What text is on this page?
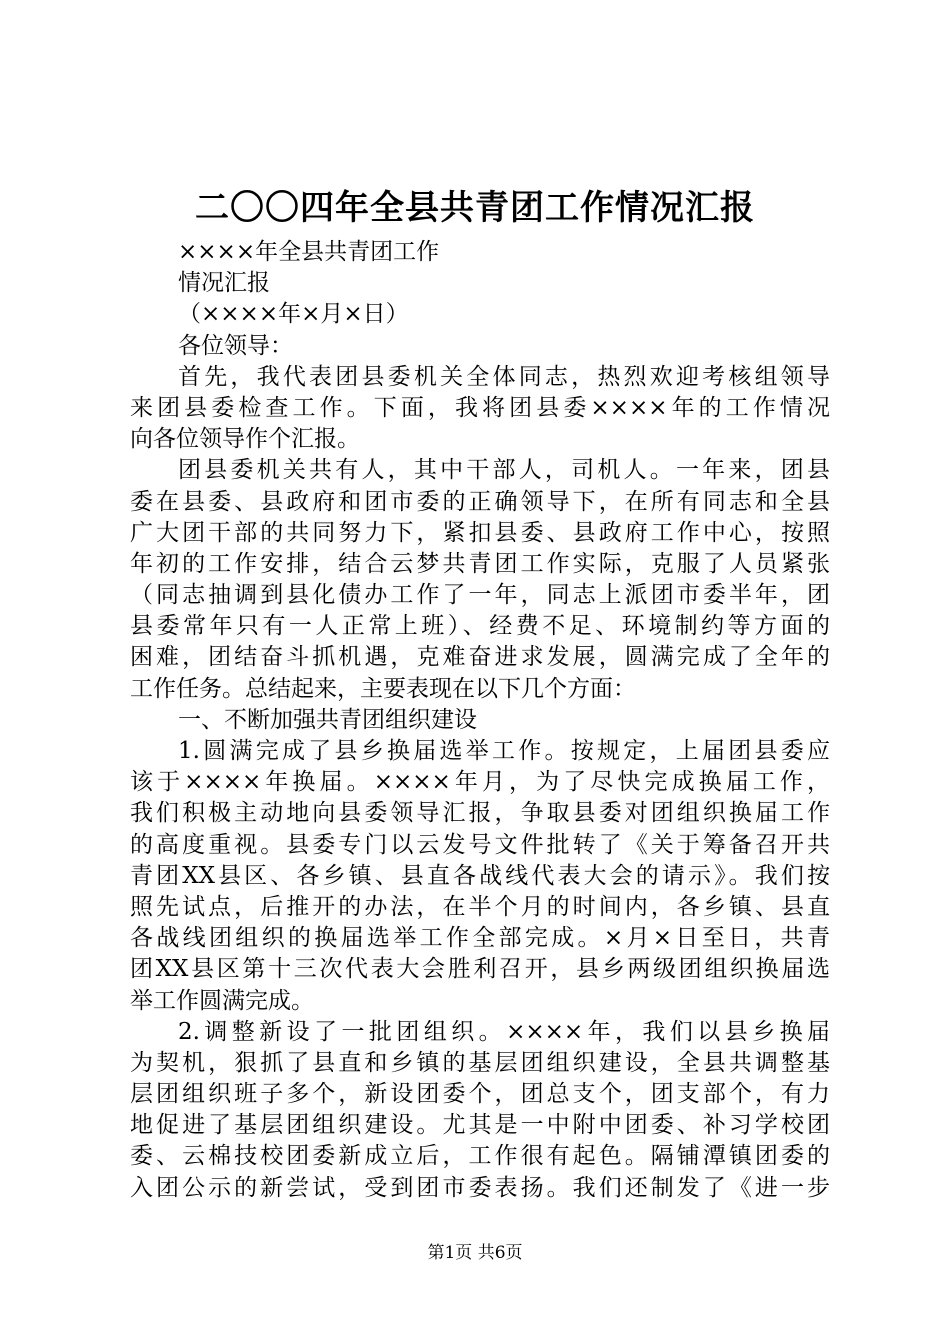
二〇〇四年全县共青团工作情况汇报
××××年全县共青团工作
情况汇报
（××××年×月×日）
各位领导：
首先，我代表团县委机关全体同志，热烈欢迎考核组领导
来团县委检查工作。下面，我将团县委××××年的工作情况
向各位领导作个汇报。
团县委机关共有人，其中干部人，司机人。一年来，团县
委在县委、县政府和团市委的正确领导下，在所有同志和全县
广大团干部的共同努力下，紧扣县委、县政府工作中心，按照
年初的工作安排，结合云梦共青团工作实际，克服了人员紧张
（同志抽调到县化债办工作了一年，同志上派团市委半年，团
县委常年只有一人正常上班）、经费不足、环境制约等方面的
困难，团结奋斗抓机遇，克难奋进求发展，圆满完成了全年的
工作任务。总结起来，主要表现在以下几个方面：
一、不断加强共青团组织建设
1.圆满完成了县乡换届选举工作。按规定，上届团县委应
该于××××年换届。××××年月，为了尽快完成换届工作，
我们积极主动地向县委领导汇报，争取县委对团组织换届工作
的高度重视。县委专门以云发号文件批转了《关于筹备召开共
青团XX县区、各乡镇、县直各战线代表大会的请示》。我们按
照先试点，后推开的办法，在半个月的时间内，各乡镇、县直
各战线团组织的换届选举工作全部完成。×月×日至日，共青
团XX县区第十三次代表大会胜利召开，县乡两级团组织换届选
举工作圆满完成。
2.调整新设了一批团组织。××××年，我们以县乡换届
为契机，狠抓了县直和乡镇的基层团组织建设，全县共调整基
层团组织班子多个，新设团委个，团总支个，团支部个，有力
地促进了基层团组织建设。尤其是一中附中团委、补习学校团
委、云棉技校团委新成立后，工作很有起色。隔铺潭镇团委的
入团公示的新尝试，受到团市委表扬。我们还制发了《进一步
第1页 共6页
